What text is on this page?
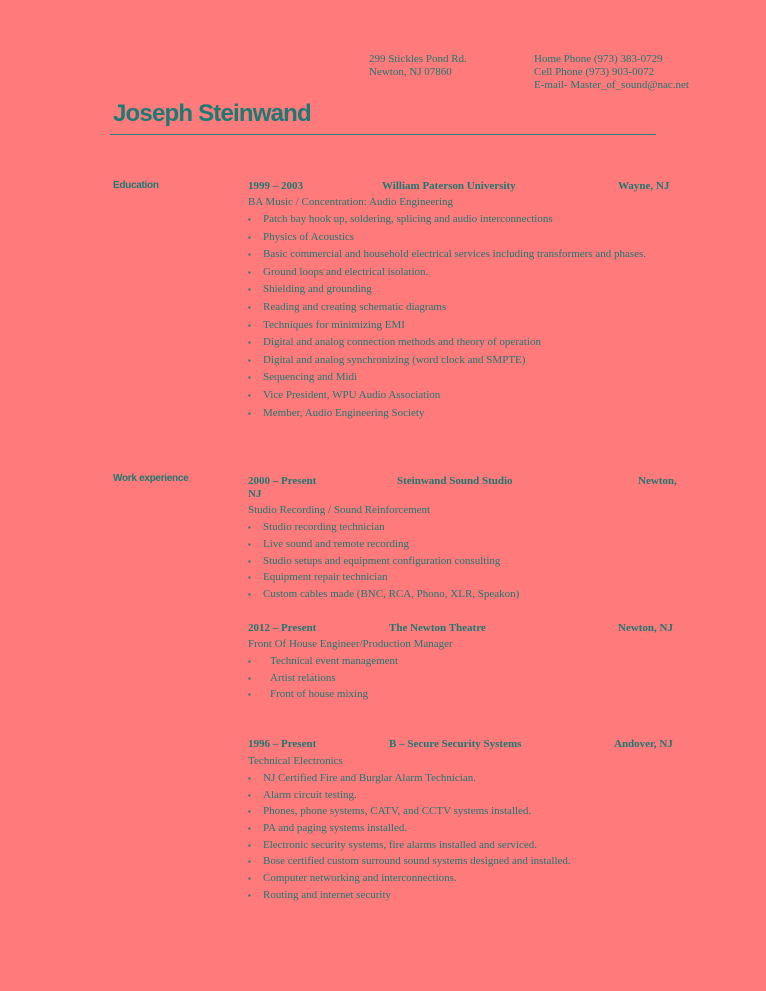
299 Stickles Pond Rd.
Newton, NJ 07860
Home Phone (973) 383-0729
Cell Phone (973) 903-0072
E-mail- Master_of_sound@nac.net
Joseph Steinwand
Education	1999 – 2003	William Paterson University	Wayne, NJ
BA Music / Concentration: Audio Engineering
▪ Patch bay hook up, soldering, splicing and audio interconnections
▪ Physics of Acoustics
▪ Basic commercial and household electrical services including transformers and phases.
▪ Ground loops and electrical isolation.
▪ Shielding and grounding
▪ Reading and creating schematic diagrams
▪ Techniques for minimizing EMI
▪ Digital and analog connection methods and theory of operation
▪ Digital and analog synchronizing (word clock and SMPTE)
▪ Sequencing and Midi
▪ Vice President, WPU Audio Association
▪ Member, Audio Engineering Society
Work experience	2000 – Present	Steinwand Sound Studio	Newton,
NJ
Studio Recording / Sound Reinforcement
▪ Studio recording technician
▪ Live sound and remote recording
▪ Studio setups and equipment configuration consulting
▪ Equipment repair technician
▪ Custom cables made (BNC, RCA, Phono, XLR, Speakon)
2012 – Present	The Newton Theatre	Newton, NJ
Front Of House Engineer/Production Manager
▪ Technical event management
▪ Artist relations
▪ Front of house mixing
1996 – Present	B – Secure Security Systems	Andover, NJ
Technical Electronics
▪ NJ Certified Fire and Burglar Alarm Technician.
▪ Alarm circuit testing.
▪ Phones, phone systems, CATV, and CCTV systems installed.
▪ PA and paging systems installed.
▪ Electronic security systems, fire alarms installed and serviced.
▪ Bose certified custom surround sound systems designed and installed.
▪ Computer networking and interconnections.
▪ Routing and internet security
